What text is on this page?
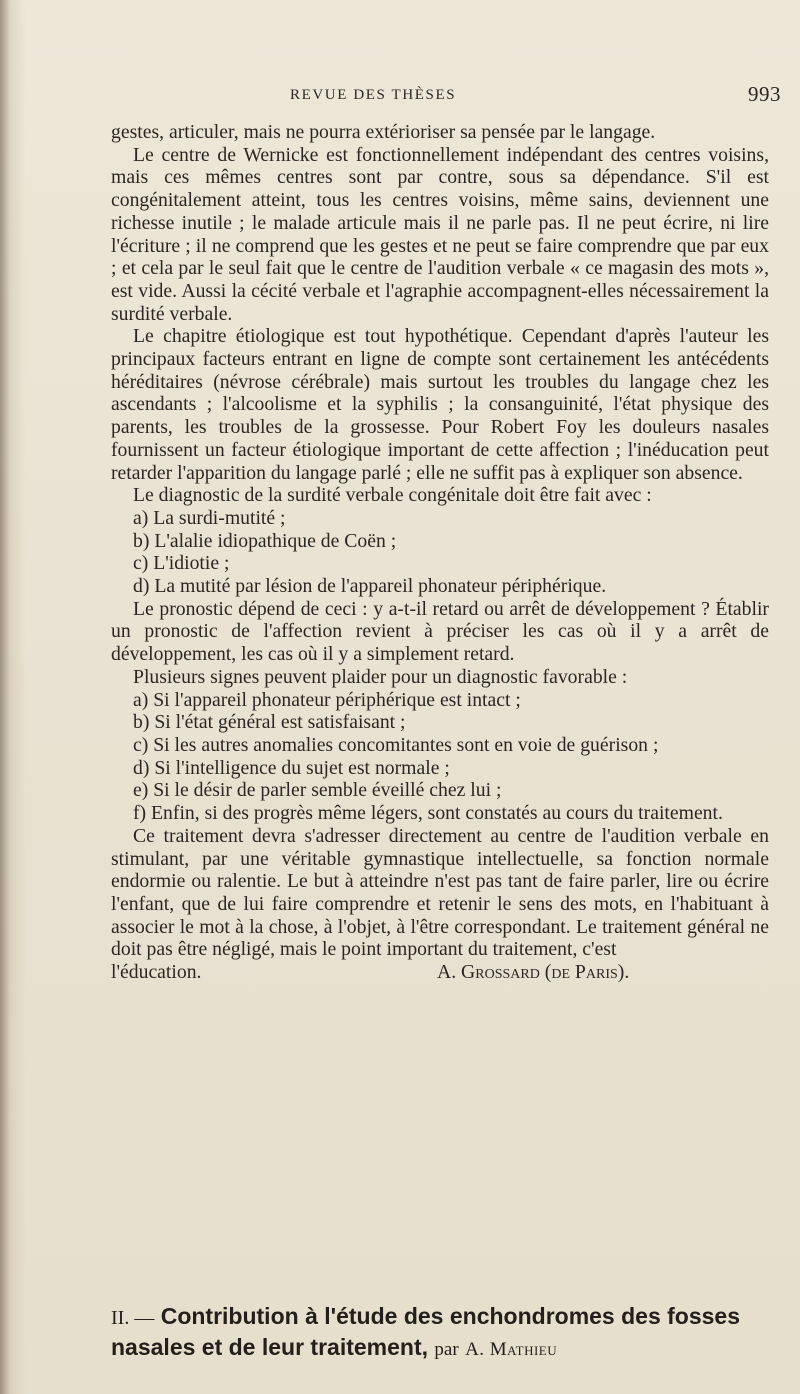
REVUE DES THÈSES	993

gestes, articuler, mais ne pourra extérioriser sa pensée par le langage.

Le centre de Wernicke est fonctionnellement indépendant des centres voisins, mais ces mêmes centres sont par contre, sous sa dépendance. S'il est congénitalement atteint, tous les centres voisins, même sains, deviennent une richesse inutile ; le malade articule mais il ne parle pas. Il ne peut écrire, ni lire l'écriture ; il ne comprend que les gestes et ne peut se faire comprendre que par eux ; et cela par le seul fait que le centre de l'audition verbale « ce magasin des mots », est vide. Aussi la cécité verbale et l'agraphie accompagnent-elles nécessairement la surdité verbale.

Le chapitre étiologique est tout hypothétique. Cependant d'après l'auteur les principaux facteurs entrant en ligne de compte sont certainement les antécédents héréditaires (névrose cérébrale) mais surtout les troubles du langage chez les ascendants ; l'alcoolisme et la syphilis ; la consanguinité, l'état physique des parents, les troubles de la grossesse. Pour Robert Foy les douleurs nasales fournissent un facteur étiologique important de cette affection ; l'inéducation peut retarder l'apparition du langage parlé ; elle ne suffit pas à expliquer son absence.

Le diagnostic de la surdité verbale congénitale doit être fait avec :

a) La surdi-mutité ;

b) L'alalie idiopathique de Coën ;

c) L'idiotie ;

d) La mutité par lésion de l'appareil phonateur périphérique.

Le pronostic dépend de ceci : y a-t-il retard ou arrêt de développement ? Établir un pronostic de l'affection revient à préciser les cas où il y a arrêt de développement, les cas où il y a simplement retard.

Plusieurs signes peuvent plaider pour un diagnostic favorable :

a) Si l'appareil phonateur périphérique est intact ;

b) Si l'état général est satisfaisant ;

c) Si les autres anomalies concomitantes sont en voie de guérison ;

d) Si l'intelligence du sujet est normale ;

e) Si le désir de parler semble éveillé chez lui ;

f) Enfin, si des progrès même légers, sont constatés au cours du traitement.

Ce traitement devra s'adresser directement au centre de l'audition verbale en stimulant, par une véritable gymnastique intellectuelle, sa fonction normale endormie ou ralentie. Le but à atteindre n'est pas tant de faire parler, lire ou écrire l'enfant, que de lui faire comprendre et retenir le sens des mots, en l'habituant à associer le mot à la chose, à l'objet, à l'être correspondant. Le traitement général ne doit pas être négligé, mais le point important du traitement, c'est

l'éducation.	A. Grossard (de Paris).
II. — Contribution à l'étude des enchondromes des fosses nasales et de leur traitement, par A. Mathieu
